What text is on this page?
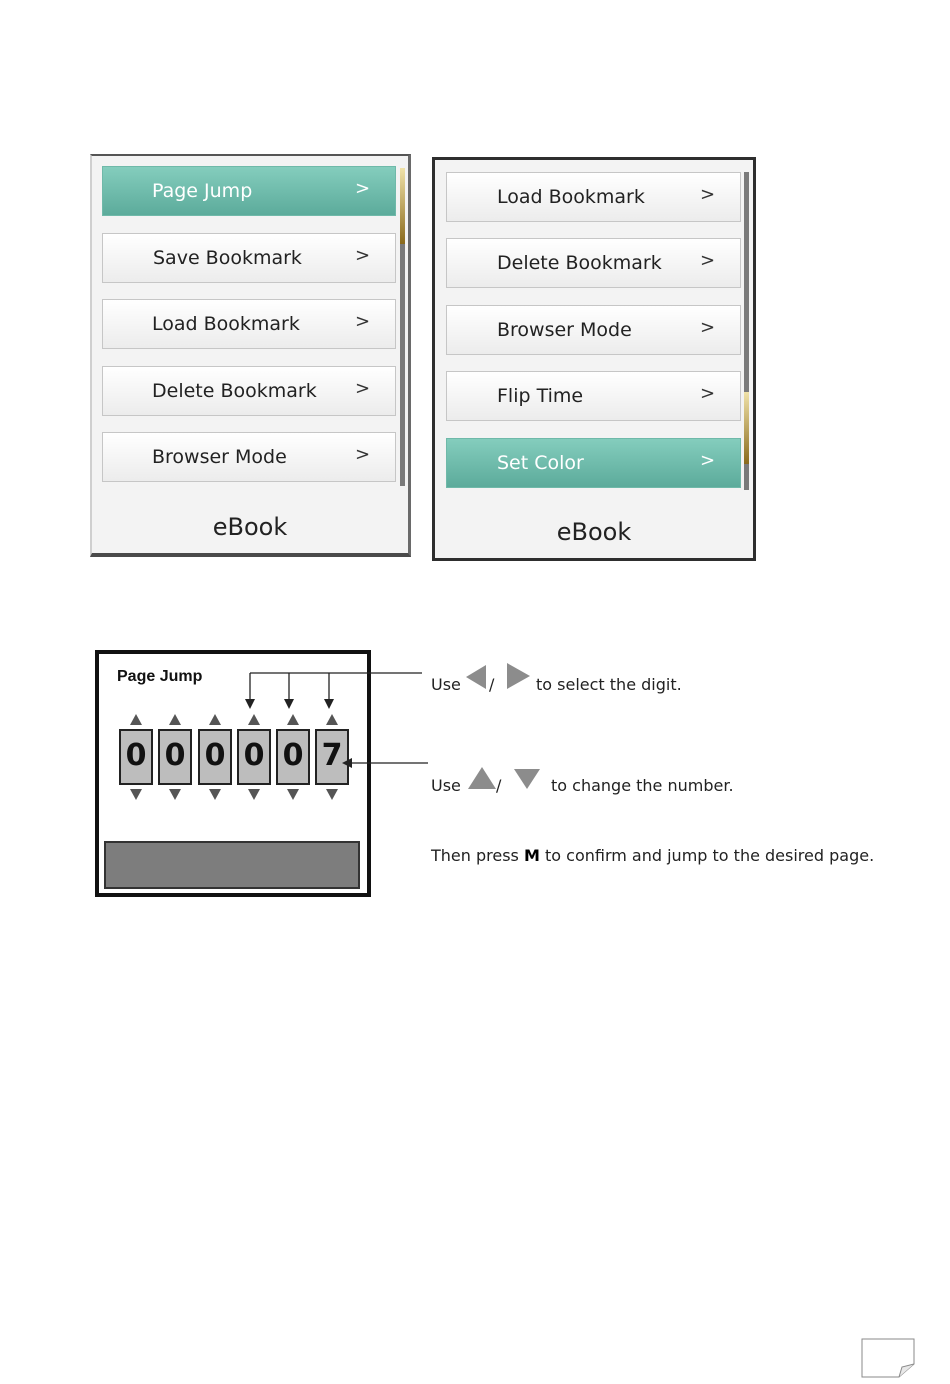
Page Jump	>
Save Bookmark	>
Load Bookmark	>
Delete Bookmark >
Browser Mode	>
eBook
Load Bookmark	>
Delete Bookmark >
Browser Mode	>
Flip Time	>
Set Color	>
eBook
Page Jump
0 0 0 0 0 7
Use /	to select the digit.
Use /	to change the number.
Then press M to confirm and jump to the desired page.
